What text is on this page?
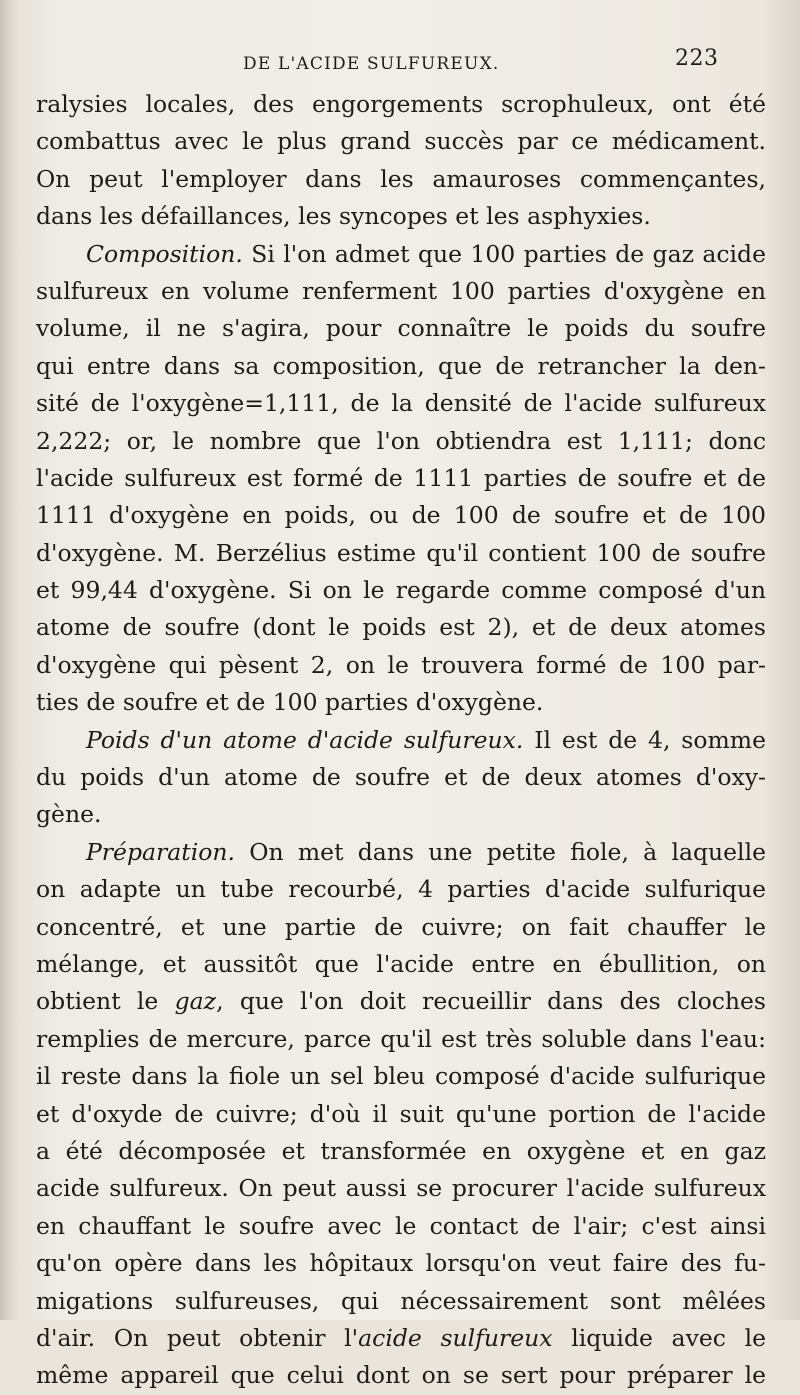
DE L'ACIDE SULFUREUX.	223
ralysies locales, des engorgements scrophuleux, ont été
combattus avec le plus grand succès par ce médicament.
On peut l'employer dans les amauroses commençantes,
dans les défaillances, les syncopes et les asphyxies.
Composition. Si l'on admet que 100 parties de gaz acide
sulfureux en volume renferment 100 parties d'oxygène en
volume, il ne s'agira, pour connaître le poids du soufre
qui entre dans sa composition, que de retrancher la den-
sité de l'oxygène=1,111, de la densité de l'acide sulfureux
2,222; or, le nombre que l'on obtiendra est 1,111; donc
l'acide sulfureux est formé de 1111 parties de soufre et de
1111 d'oxygène en poids, ou de 100 de soufre et de 100
d'oxygène. M. Berzélius estime qu'il contient 100 de soufre
et 99,44 d'oxygène. Si on le regarde comme composé d'un
atome de soufre (dont le poids est 2), et de deux atomes
d'oxygène qui pèsent 2, on le trouvera formé de 100 par-
ties de soufre et de 100 parties d'oxygène.
Poids d'un atome d'acide sulfureux. Il est de 4, somme
du poids d'un atome de soufre et de deux atomes d'oxy-
gène.
Préparation. On met dans une petite fiole, à laquelle
on adapte un tube recourbé, 4 parties d'acide sulfurique
concentré, et une partie de cuivre; on fait chauffer le
mélange, et aussitôt que l'acide entre en ébullition, on
obtient le gaz, que l'on doit recueillir dans des cloches
remplies de mercure, parce qu'il est très soluble dans l'eau:
il reste dans la fiole un sel bleu composé d'acide sulfurique
et d'oxyde de cuivre; d'où il suit qu'une portion de l'acide
a été décomposée et transformée en oxygène et en gaz
acide sulfureux. On peut aussi se procurer l'acide sulfureux
en chauffant le soufre avec le contact de l'air; c'est ainsi
qu'on opère dans les hôpitaux lorsqu'on veut faire des fu-
migations sulfureuses, qui nécessairement sont mêlées
d'air. On peut obtenir l'acide sulfureux liquide avec le
même appareil que celui dont on se sert pour préparer le
